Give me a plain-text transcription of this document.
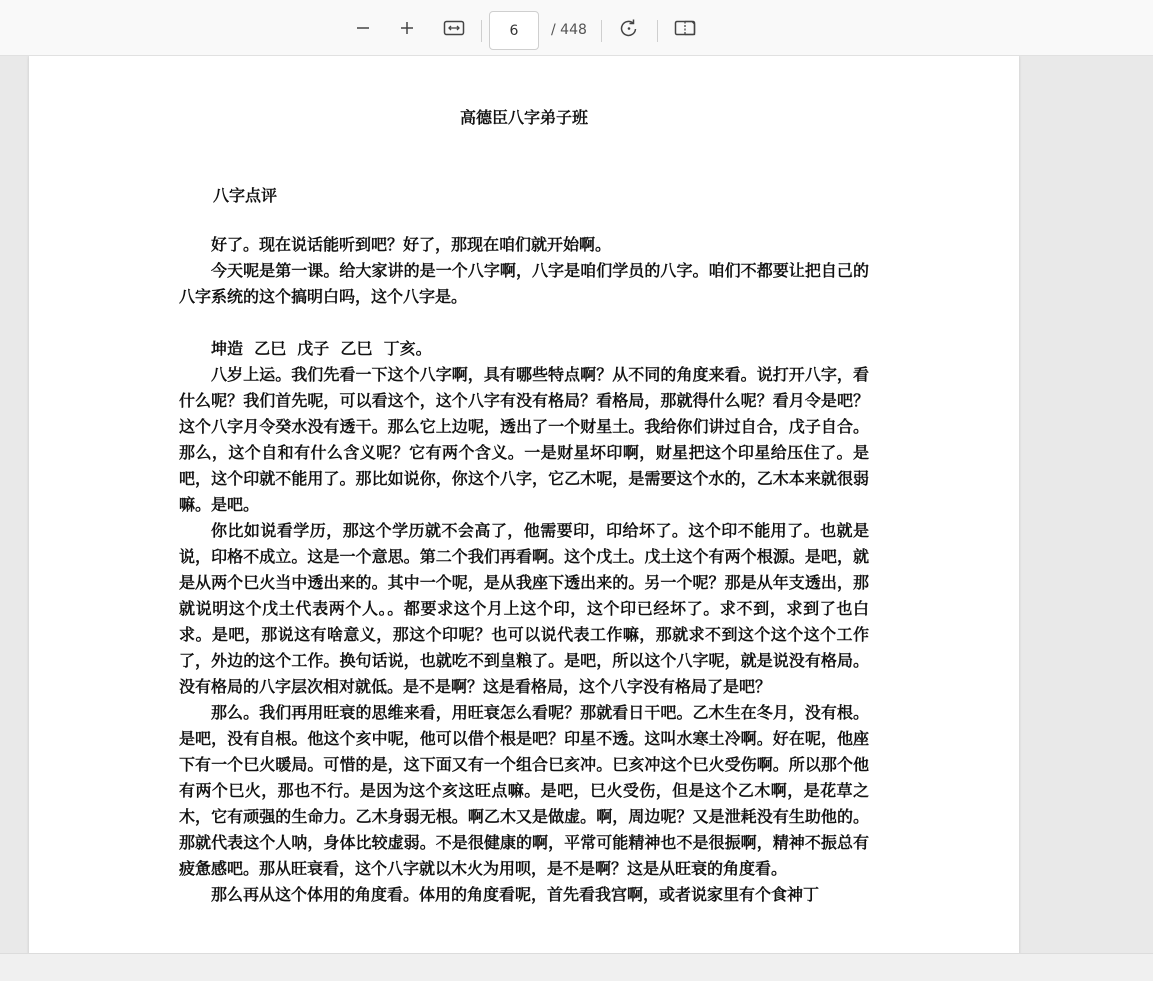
6
/ 448
高德臣八字弟子班
八字点评

好了。现在说话能听到吧？好了，那现在咱们就开始啊。

今天呢是第一课。给大家讲的是一个八字啊，八字是咱们学员的八字。咱们不都要让把自己的八字系统的这个搞明白吗，这个八字是。

坤造  乙巳  戊子  乙巳  丁亥。

八岁上运。我们先看一下这个八字啊，具有哪些特点啊？从不同的角度来看。说打开八字，看什么呢？我们首先呢，可以看这个，这个八字有没有格局？看格局，那就得什么呢？看月令是吧？这个八字月令癸水没有透干。那么它上边呢，透出了一个财星土。我给你们讲过自合，戊子自合。那么，这个自和有什么含义呢？它有两个含义。一是财星坏印啊，财星把这个印星给压住了。是吧，这个印就不能用了。那比如说你，你这个八字，它乙木呢，是需要这个水的，乙木本来就很弱嘛。是吧。

你比如说看学历，那这个学历就不会高了，他需要印，印给坏了。这个印不能用了。也就是说，印格不成立。这是一个意思。第二个我们再看啊。这个戊土。戊土这个有两个根源。是吧，就是从两个巳火当中透出来的。其中一个呢，是从我座下透出来的。另一个呢？那是从年支透出，那就说明这个戊土代表两个人。。都要求这个月上这个印，这个印已经坏了。求不到，求到了也白求。是吧，那说这有啥意义，那这个印呢？也可以说代表工作嘛，那就求不到这个这个这个工作了，外边的这个工作。换句话说，也就吃不到皇粮了。是吧，所以这个八字呢，就是说没有格局。没有格局的八字层次相对就低。是不是啊？这是看格局，这个八字没有格局了是吧？

那么。我们再用旺衰的思维来看，用旺衰怎么看呢？那就看日干吧。乙木生在冬月，没有根。是吧，没有自根。他这个亥中呢，他可以借个根是吧？印星不透。这叫水寒土冷啊。好在呢，他座下有一个巳火暖局。可惜的是，这下面又有一个组合巳亥冲。巳亥冲这个巳火受伤啊。所以那个他有两个巳火，那也不行。是因为这个亥这旺点嘛。是吧，巳火受伤，但是这个乙木啊，是花草之木，它有顽强的生命力。乙木身弱无根。啊乙木又是做虚。啊，周边呢？又是泄耗没有生助他的。那就代表这个人呐，身体比较虚弱。不是很健康的啊，平常可能精神也不是很振啊，精神不振总有疲惫感吧。那从旺衰看，这个八字就以木火为用呗，是不是啊？这是从旺衰的角度看。

那么再从这个体用的角度看。体用的角度看呢，首先看我宫啊，或者说家里有个食神丁
